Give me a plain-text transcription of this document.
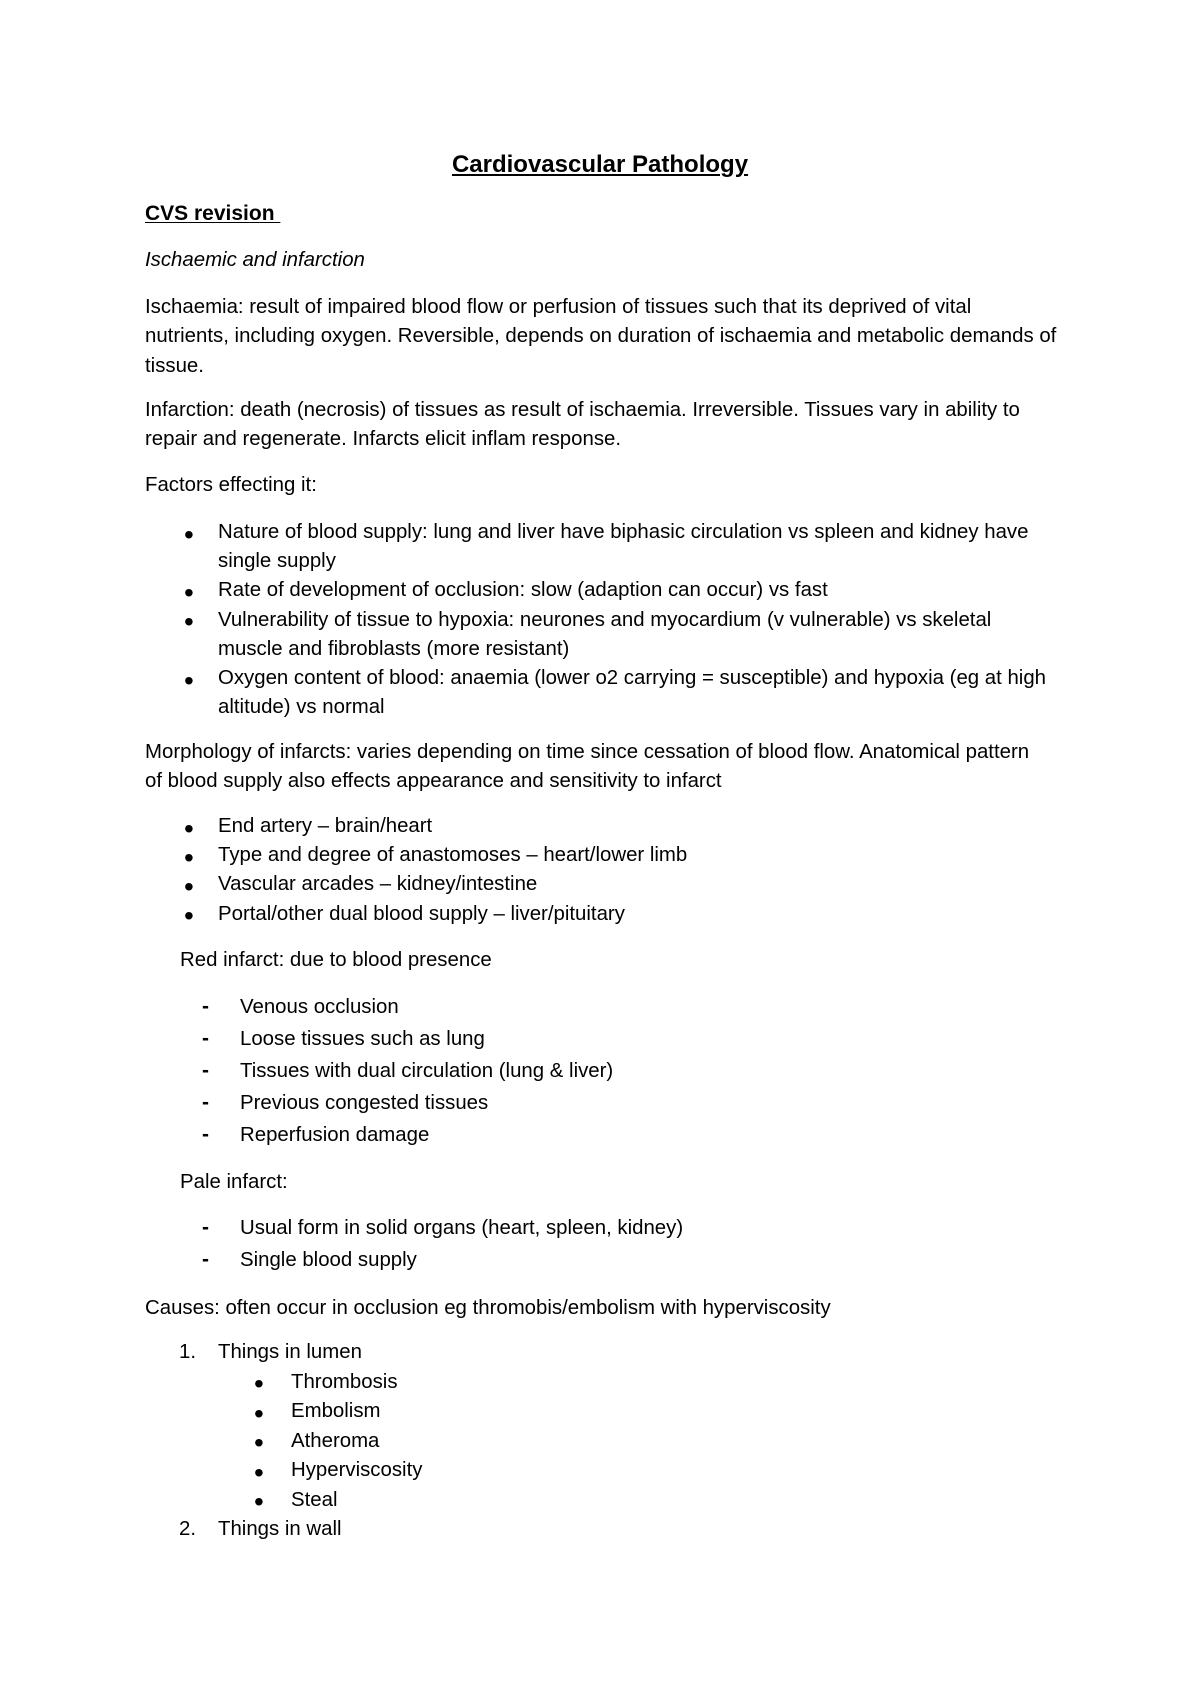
Cardiovascular Pathology
CVS revision
Ischaemic and infarction
Ischaemia: result of impaired blood flow or perfusion of tissues such that its deprived of vital
nutrients, including oxygen. Reversible, depends on duration of ischaemia and metabolic demands of
tissue.
Infarction: death (necrosis) of tissues as result of ischaemia. Irreversible. Tissues vary in ability to
repair and regenerate. Infarcts elicit inflam response.
Factors effecting it:
•	Nature of blood supply: lung and liver have biphasic circulation vs spleen and kidney have
single supply
•	Rate of development of occlusion: slow (adaption can occur) vs fast
•	Vulnerability of tissue to hypoxia: neurones and myocardium (v vulnerable) vs skeletal
muscle and fibroblasts (more resistant)
•	Oxygen content of blood: anaemia (lower o2 carrying = susceptible) and hypoxia (eg at high
altitude) vs normal
Morphology of infarcts: varies depending on time since cessation of blood flow. Anatomical pattern
of blood supply also effects appearance and sensitivity to infarct
•	End artery – brain/heart
•	Type and degree of anastomoses – heart/lower limb
•	Vascular arcades – kidney/intestine
•	Portal/other dual blood supply – liver/pituitary
Red infarct: due to blood presence
-	Venous occlusion
-	Loose tissues such as lung
-	Tissues with dual circulation (lung & liver)
-	Previous congested tissues
-	Reperfusion damage
Pale infarct:
-	Usual form in solid organs (heart, spleen, kidney)
-	Single blood supply
Causes: often occur in occlusion eg thromobis/embolism with hyperviscosity
1.	Things in lumen
•	Thrombosis
•	Embolism
•	Atheroma
•	Hyperviscosity
•	Steal
2.	Things in wall
